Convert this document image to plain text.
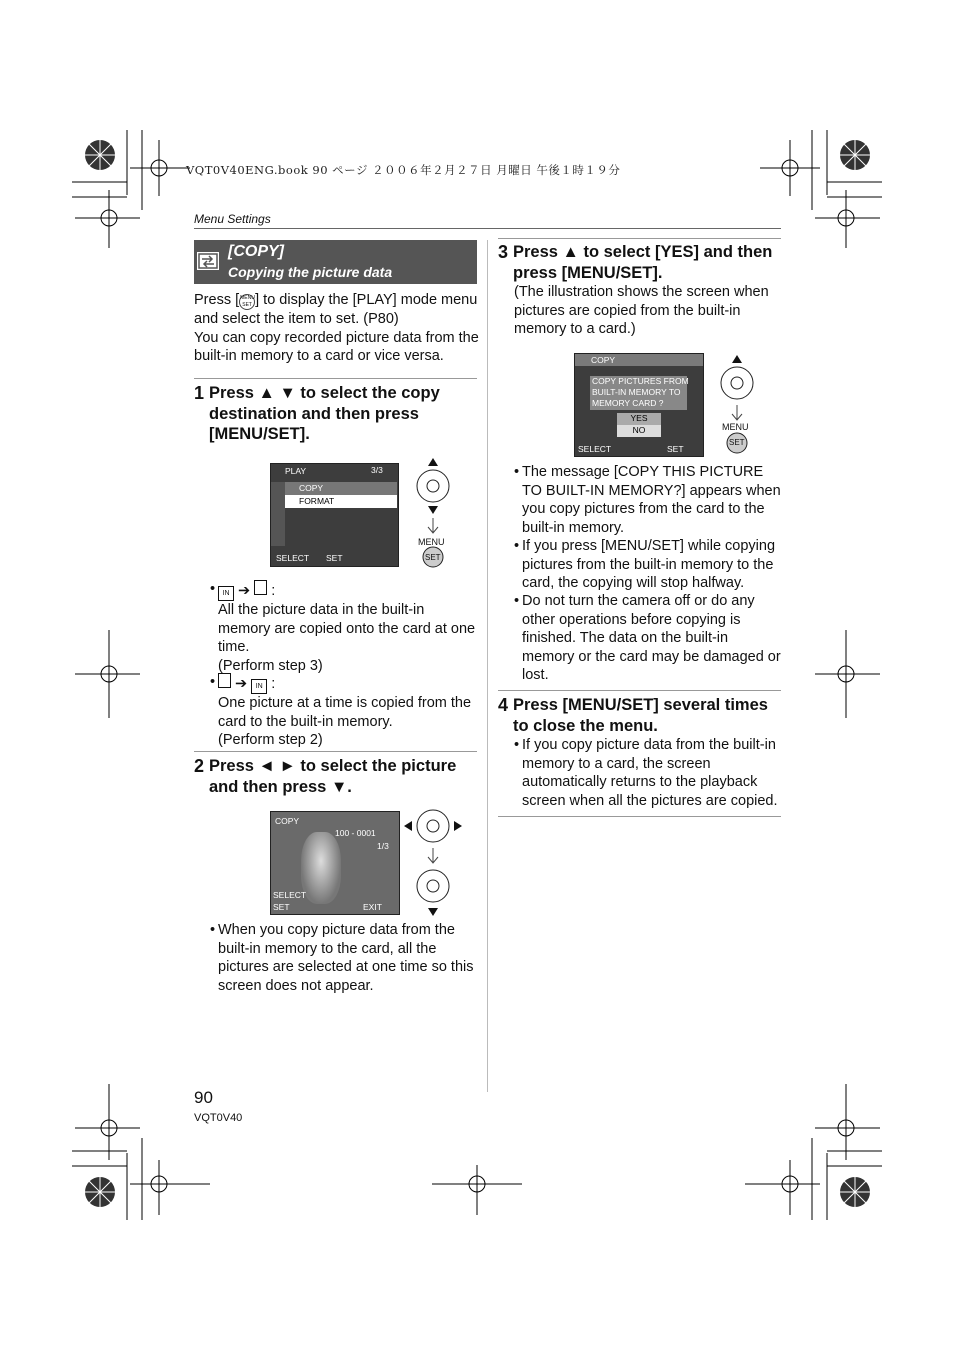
VQT0V40ENG.book 90 ページ ２００６年２月２７日 月曜日 午後１時１９分
Menu Settings
[COPY]
Copying the picture data

Press [MENU SET ] to display the [PLAY] mode menu and select the item to set. (P80)

You can copy recorded picture data from the built-in memory to a card or vice versa.

1 Press ▲ ▼ to select the copy destination and then press [MENU/SET].
PLAY	3/3
COPY
FORMAT
SELECT SET
MENU
SET
•	IN ➔  :
All the picture data in the built-in memory are copied onto the card at one time.
(Perform step 3)
•	➔ IN :
One picture at a time is copied from the card to the built-in memory.
(Perform step 2)
2 Press ◄ ► to select the picture and then press ▼.
COPY
100 - 0001
1/3
SELECT
SET	EXIT
• When you copy picture data from the built-in memory to the card, all the pictures are selected at one time so this screen does not appear.
3 Press ▲ to select [YES] and then press [MENU/SET].
(The illustration shows the screen when pictures are copied from the built-in memory to a card.)
COPY
COPY PICTURES FROM
BUILT-IN MEMORY TO
MEMORY CARD ?
YES
NO
SELECT	SET
MENU
SET
• The message [COPY THIS PICTURE TO BUILT-IN MEMORY?] appears when you copy pictures from the card to the built-in memory.
• If you press [MENU/SET] while copying pictures from the built-in memory to the card, the copying will stop halfway.
• Do not turn the camera off or do any other operations before copying is finished. The data on the built-in memory or the card may be damaged or lost.
4 Press [MENU/SET] several times to close the menu.
• If you copy picture data from the built-in memory to a card, the screen automatically returns to the playback screen when all the pictures are copied.
90
VQT0V40
